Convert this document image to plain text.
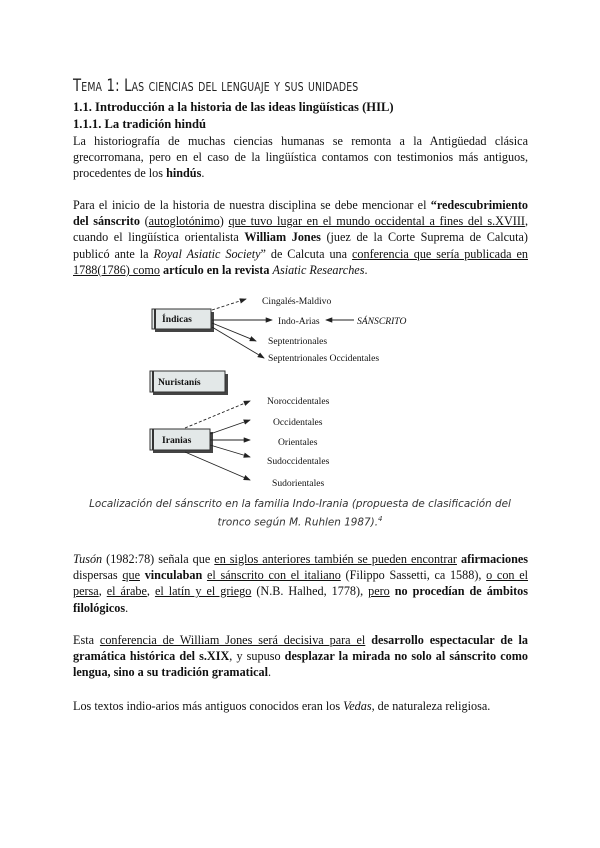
Tema 1: Las ciencias del lenguaje y sus unidades
1.1. Introducción a la historia de las ideas lingüísticas (HIL)
1.1.1. La tradición hindú
La historiografía de muchas ciencias humanas se remonta a la Antigüedad clásica grecorromana, pero en el caso de la lingüística contamos con testimonios más antiguos, procedentes de los hindús.
Para el inicio de la historia de nuestra disciplina se debe mencionar el “redescubrimiento del sánscrito (autoglotónimo) que tuvo lugar en el mundo occidental a fines del s.XVIII, cuando el lingüística orientalista William Jones (juez de la Corte Suprema de Calcuta) publicó ante la Royal Asiatic Society” de Calcuta una conferencia que sería publicada en 1788(1786) como artículo en la revista Asiatic Researches.
Índicas
Nuristanís
Iranias
Cingalés-Maldivo
Indo-Arias
Septentrionales
Septentrionales Occidentales
SÁNSCRITO
Noroccidentales
Occidentales
Orientales
Sudoccidentales
Sudorientales
Localización del sánscrito en la familia Indo-Irania (propuesta de clasificación del tronco según M. Ruhlen 1987).$^4$
Tusón (1982:78) señala que en siglos anteriores también se pueden encontrar afirmaciones dispersas que vinculaban el sánscrito con el italiano (Filippo Sassetti, ca 1588), o con el persa, el árabe, el latín y el griego (N.B. Halhed, 1778), pero no procedían de ámbitos filológicos.
Esta conferencia de William Jones será decisiva para el desarrollo espectacular de la gramática histórica del s.XIX, y supuso desplazar la mirada no solo al sánscrito como lengua, sino a su tradición gramatical.
Los textos indio-arios más antiguos conocidos eran los Vedas, de naturaleza religiosa.
